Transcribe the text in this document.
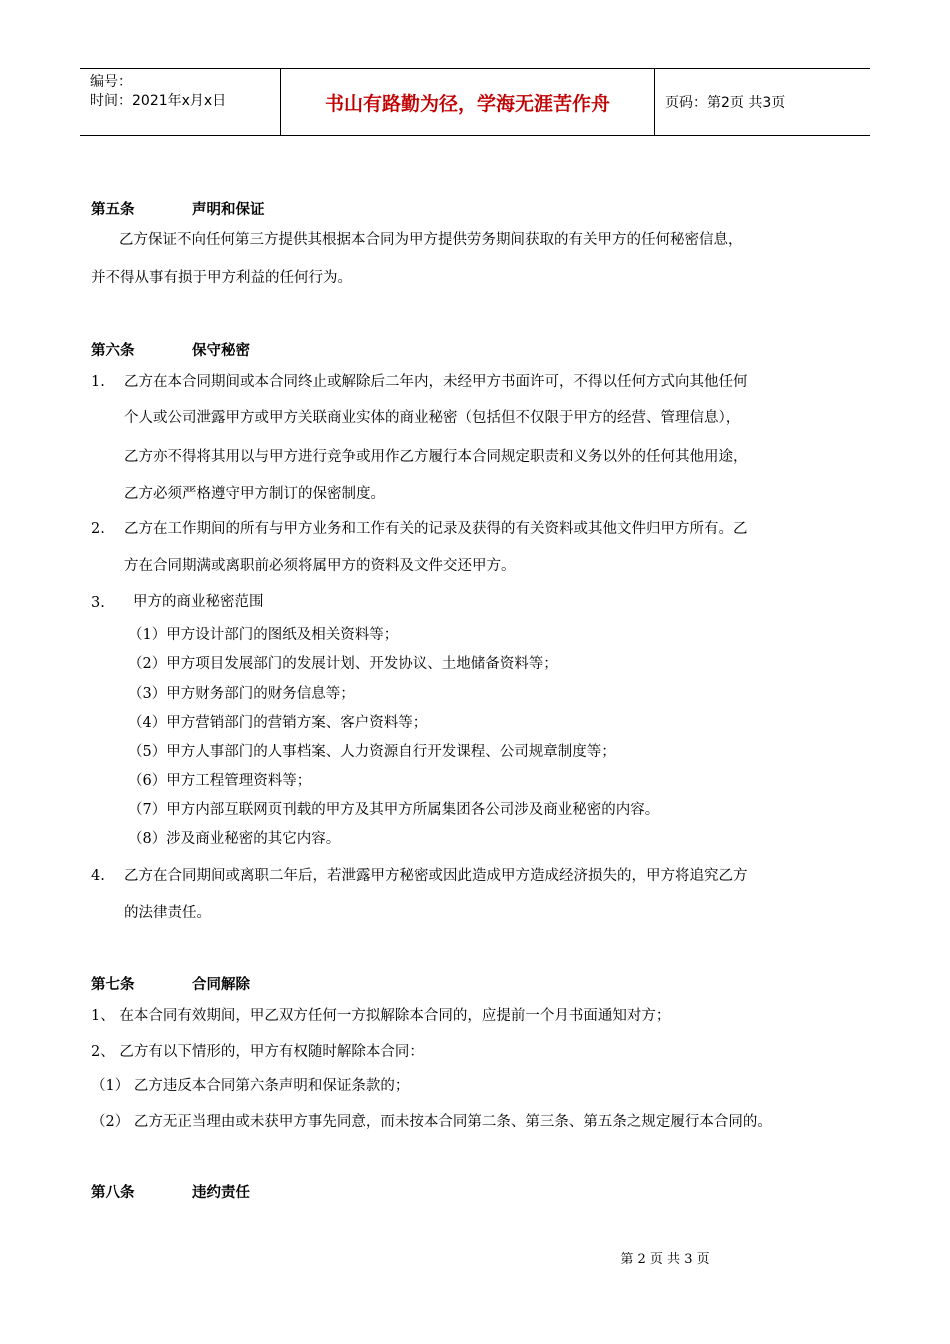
编号：
时间：2021年x月x日	书山有路勤为径，学海无涯苦作舟	页码：第2页 共3页
第五条	声明和保证
乙方保证不向任何第三方提供其根据本合同为甲方提供劳务期间获取的有关甲方的任何秘密信息，
并不得从事有损于甲方利益的任何行为。
第六条	保守秘密
1. 乙方在本合同期间或本合同终止或解除后二年内，未经甲方书面许可，不得以任何方式向其他任何
个人或公司泄露甲方或甲方关联商业实体的商业秘密（包括但不仅限于甲方的经营、管理信息），
乙方亦不得将其用以与甲方进行竞争或用作乙方履行本合同规定职责和义务以外的任何其他用途，
乙方必须严格遵守甲方制订的保密制度。
2. 乙方在工作期间的所有与甲方业务和工作有关的记录及获得的有关资料或其他文件归甲方所有。乙
方在合同期满或离职前必须将属甲方的资料及文件交还甲方。
3. 甲方的商业秘密范围
（1）甲方设计部门的图纸及相关资料等；
（2）甲方项目发展部门的发展计划、开发协议、土地储备资料等；
（3）甲方财务部门的财务信息等；
（4）甲方营销部门的营销方案、客户资料等；
（5）甲方人事部门的人事档案、人力资源自行开发课程、公司规章制度等；
（6）甲方工程管理资料等；
（7）甲方内部互联网页刊载的甲方及其甲方所属集团各公司涉及商业秘密的内容。
（8）涉及商业秘密的其它内容。
4. 乙方在合同期间或离职二年后，若泄露甲方秘密或因此造成甲方造成经济损失的，甲方将追究乙方
的法律责任。
第七条	合同解除
1、 在本合同有效期间，甲乙双方任何一方拟解除本合同的，应提前一个月书面通知对方；
2、 乙方有以下情形的，甲方有权随时解除本合同：
（1） 乙方违反本合同第六条声明和保证条款的；
（2） 乙方无正当理由或未获甲方事先同意，而未按本合同第二条、第三条、第五条之规定履行本合同的。
第八条	违约责任
第 2 页 共 3 页
